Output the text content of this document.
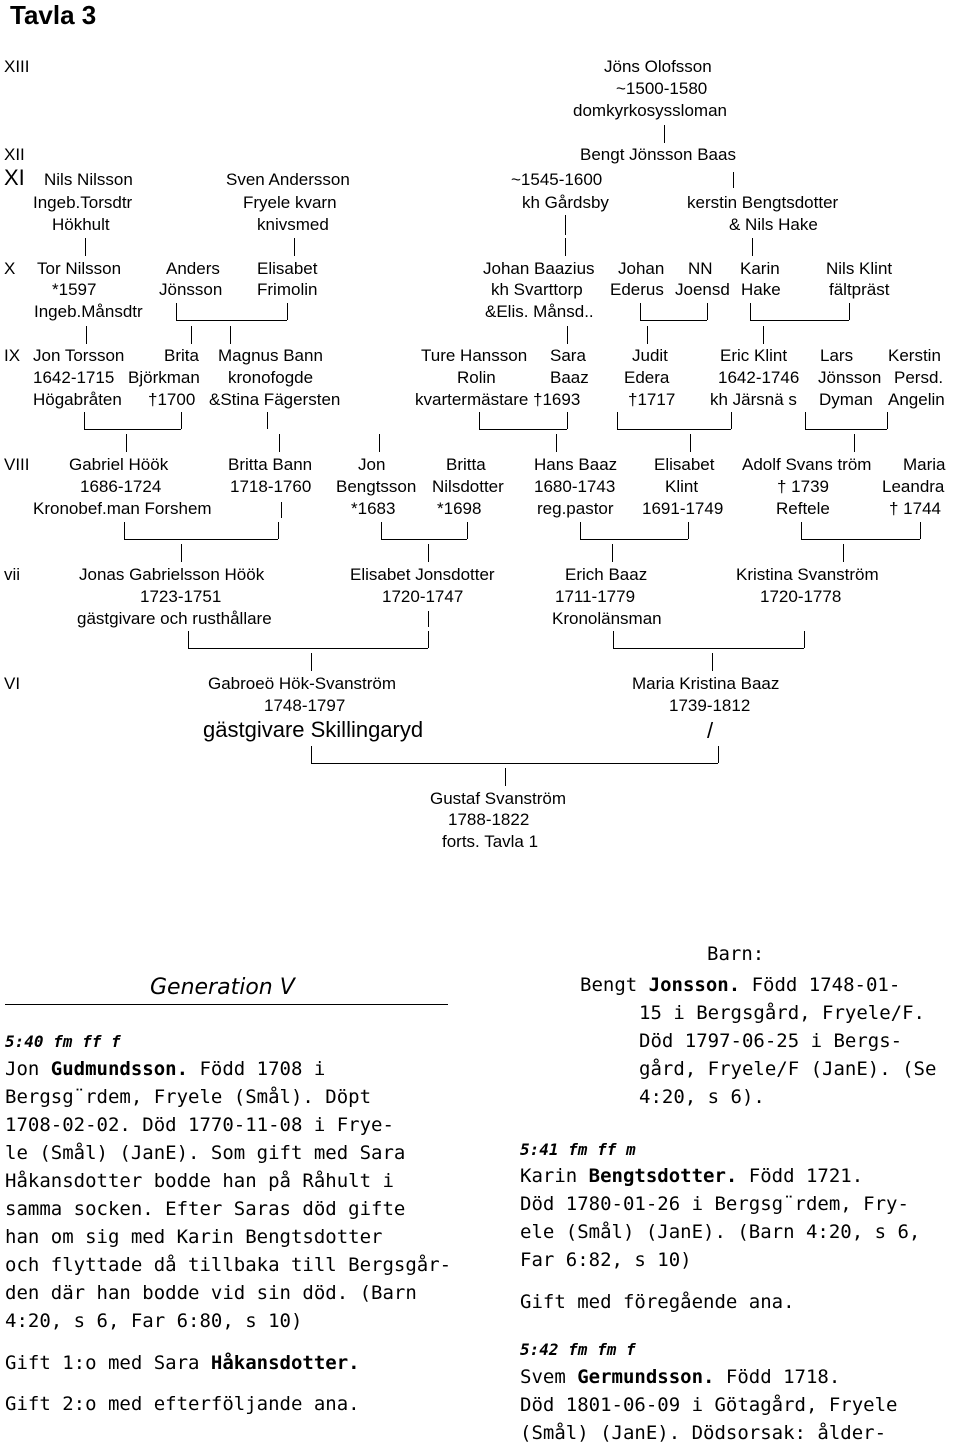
Tavla 3
XIII
XII
XI
X
IX
VIII
vii
VI
Jöns Olofsson
~1500-1580
domkyrkosyssloman
Bengt Jönsson Baas
Nils Nilsson
Ingeb.Torsdtr
Hökhult
Sven Andersson
Fryele kvarn
knivsmed
~1545-1600
kh Gårdsby	kerstin Bengtsdotter
& Nils Hake
Tor Nilsson
*1597
Ingeb.Månsdtr
Anders
Jönsson
Elisabet
Frimolin
Johan Baazius
kh Svarttorp
&Elis. Månsd..
Johan
Ederus
NN
Joensd
Karin
Hake
Nils Klint
fältpräst
Jon Torsson
1642-1715
Högabråten
Brita
Björkman
†1700
Magnus Bann
kronofogde
&Stina Fägersten
Ture Hansson
Rolin
kvartermästare
Sara
Baaz
†1693
Judit
Edera
†1717
Eric Klint
1642-1746
kh Järsnä s
Lars
Jönsson
Dyman
Kerstin
Persd.
Angelin
Gabriel Höök
1686-1724
Kronobef.man Forshem
Britta Bann
1718-1760
Jon
Bengtsson
*1683
Britta
Nilsdotter
*1698
Hans Baaz
1680-1743
reg.pastor
Elisabet
Klint
1691-1749
Adolf Svans tröm
† 1739
Reftele
Maria
Leandra
† 1744
Jonas Gabrielsson Höök
1723-1751
gästgivare och rusthållare
Elisabet Jonsdotter
1720-1747
Erich Baaz
1711-1779
Kronolänsman
Kristina Svanström
1720-1778
Gabroeö Hök-Svanström
1748-1797
gästgivare Skillingaryd
Maria Kristina Baaz
1739-1812
/
Gustaf Svanström
1788-1822
forts. Tavla 1
Generation V
5:40 fm ff f
Jon Gudmundsson. Född 1708 i
Bergsg¨rdem, Fryele (Smål). Döpt
1708-02-02. Död 1770-11-08 i Frye-
le (Smål) (JanE). Som gift med Sara
Håkansdotter bodde han på Råhult i
samma socken. Efter Saras död gifte
han om sig med Karin Bengtsdotter
och flyttade då tillbaka till Bergsgår-
den där han bodde vid sin död. (Barn
4:20, s 6, Far 6:80, s 10)
Gift 1:o med Sara Håkansdotter.
Gift 2:o med efterföljande ana.
Barn:
Bengt Jonsson. Född 1748-01-
15 i Bergsgård, Fryele/F.
Död 1797-06-25 i Bergs-
gård, Fryele/F (JanE). (Se
4:20, s 6).
5:41 fm ff m
Karin Bengtsdotter. Född 1721.
Död 1780-01-26 i Bergsg¨rdem, Fry-
ele (Smål) (JanE). (Barn 4:20, s 6,
Far 6:82, s 10)
Gift med föregående ana.
5:42 fm fm f
Svem Germundsson. Född 1718.
Död 1801-06-09 i Götagård, Fryele
(Smål) (JanE). Dödsorsak: ålder-
